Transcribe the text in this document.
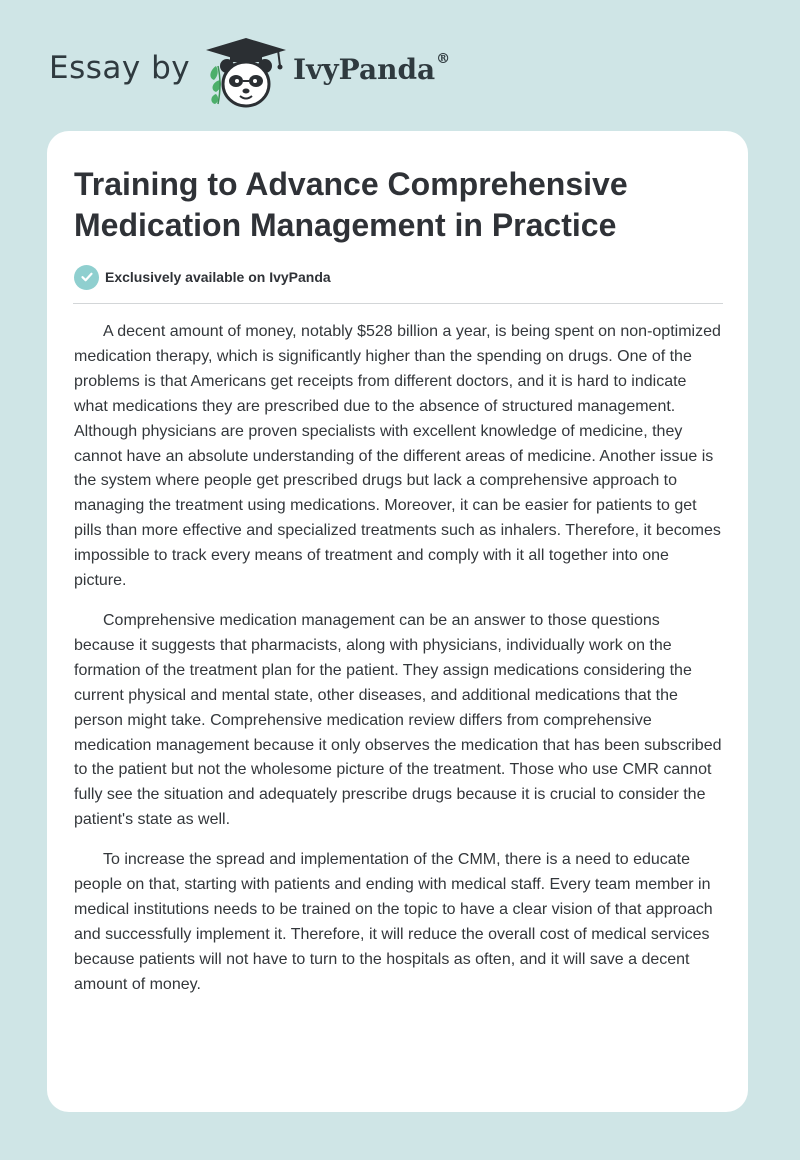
Essay by	IvyPanda®
Training to Advance Comprehensive Medication Management in Practice
Exclusively available on IvyPanda

A decent amount of money, notably $528 billion a year, is being spent on non-optimized medication therapy, which is significantly higher than the spending on drugs. One of the problems is that Americans get receipts from different doctors, and it is hard to indicate what medications they are prescribed due to the absence of structured management. Although physicians are proven specialists with excellent knowledge of medicine, they cannot have an absolute understanding of the different areas of medicine. Another issue is the system where people get prescribed drugs but lack a comprehensive approach to managing the treatment using medications. Moreover, it can be easier for patients to get pills than more effective and specialized treatments such as inhalers. Therefore, it becomes impossible to track every means of treatment and comply with it all together into one picture.

Comprehensive medication management can be an answer to those questions because it suggests that pharmacists, along with physicians, individually work on the formation of the treatment plan for the patient. They assign medications considering the current physical and mental state, other diseases, and additional medications that the person might take. Comprehensive medication review differs from comprehensive medication management because it only observes the medication that has been subscribed to the patient but not the wholesome picture of the treatment. Those who use CMR cannot fully see the situation and adequately prescribe drugs because it is crucial to consider the patient's state as well.

To increase the spread and implementation of the CMM, there is a need to educate people on that, starting with patients and ending with medical staff. Every team member in medical institutions needs to be trained on the topic to have a clear vision of that approach and successfully implement it. Therefore, it will reduce the overall cost of medical services because patients will not have to turn to the hospitals as often, and it will save a decent amount of money.
